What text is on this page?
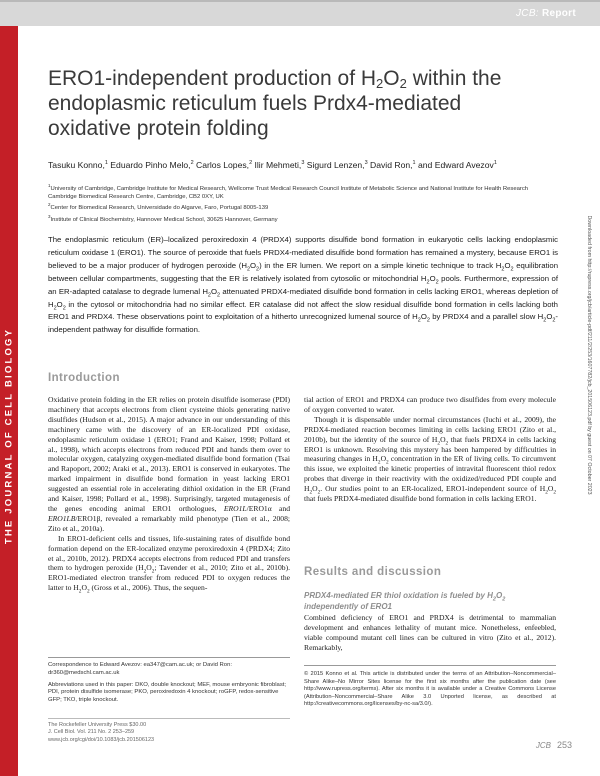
JCB: Report
THE JOURNAL OF CELL BIOLOGY
ERO1-independent production of $H_2O_2$ within the endoplasmic reticulum fuels Prdx4-mediated oxidative protein folding
Tasuku Konno,$^1$ Eduardo Pinho Melo,$^2$ Carlos Lopes,$^2$ Ilir Mehmeti,$^3$ Sigurd Lenzen,$^3$ David Ron,$^1$ and Edward Avezov$^1$
$^1$University of Cambridge, Cambridge Institute for Medical Research, Wellcome Trust Medical Research Council Institute of Metabolic Science and National Institute for Health Research Cambridge Biomedical Research Centre, Cambridge, CB2 0XY, UK
$^2$Center for Biomedical Research, Universidade do Algarve, Faro, Portugal 8005-139
$^3$Institute of Clinical Biochemistry, Hannover Medical School, 30625 Hannover, Germany

The endoplasmic reticulum (ER)–localized peroxiredoxin 4 (PRDX4) supports disulfide bond formation in eukaryotic cells lacking endoplasmic reticulum oxidase 1 (ERO1). The source of peroxide that fuels PRDX4-mediated disulfide bond formation has remained a mystery, because ERO1 is believed to be a major producer of hydrogen peroxide $(H_2O_2)$ in the ER lumen. We report on a simple kinetic technique to track $H_2O_2$ equilibration between cellular compartments, suggesting that the ER is relatively isolated from cytosolic or mitochondrial $H_2O_2$ pools. Furthermore, expression of an ER-adapted catalase to degrade lumenal $H_2O_2$ attenuated PRDX4-mediated disulfide bond formation in cells lacking ERO1, whereas depletion of $H_2O_2$ in the cytosol or mitochondria had no similar effect. ER catalase did not affect the slow residual disulfide bond formation in cells lacking both ERO1 and PRDX4. These observations point to exploitation of a hitherto unrecognized lumenal source of $H_2O_2$ by PRDX4 and a parallel slow $H_2O_2$-independent pathway for disulfide formation.	Downloaded from http://rupress.org/jcb/article-pdf/211/2/253/1607782/jcb_201506123.pdf by guest on 07 October 2023
Introduction

Oxidative protein folding in the ER relies on protein disulfide isomerase (PDI) machinery that accepts electrons from client cysteine thiols generating native disulfides (Hudson et al., 2015). A major advance in our understanding of this machinery came with the discovery of an ER-localized PDI oxidase, endoplasmic reticulum oxidase 1 (ERO1; Frand and Kaiser, 1998; Pollard et al., 1998), which accepts electrons from reduced PDI and hands them over to molecular oxygen, catalyzing oxygen-mediated disulfide bond formation (Tsai and Rapoport, 2002; Araki et al., 2013). ERO1 is conserved in eukaryotes. The marked impairment in disulfide bond formation in yeast lacking ERO1 suggested an essential role in accelerating dithiol oxidation in the ER (Frand and Kaiser, 1998; Pollard et al., 1998). Surprisingly, targeted mutagenesis of the genes encoding animal ERO1 orthologues, ERO1L/ERO1α and ERO1LB/ERO1β, revealed a remarkably mild phenotype (Tien et al., 2008; Zito et al., 2010a).

In ERO1-deficient cells and tissues, life-sustaining rates of disulfide bond formation depend on the ER-localized enzyme peroxiredoxin 4 (PRDX4; Zito et al., 2010b, 2012). PRDX4 accepts electrons from reduced PDI and transfers them to hydrogen peroxide ($H_2O_2$; Tavender et al., 2010; Zito et al., 2010b). ERO1-mediated electron transfer from reduced PDI to oxygen reduces the latter to $H_2O_2$ (Gross et al., 2006). Thus, the sequen-

tial action of ERO1 and PRDX4 can produce two disulfides from every molecule of oxygen converted to water.

Though it is dispensable under normal circumstances (Iuchi et al., 2009), the PRDX4-mediated reaction becomes limiting in cells lacking ERO1 (Zito et al., 2010b), but the identity of the source of $H_2O_2$ that fuels PRDX4 in cells lacking ERO1 is unknown. Resolving this mystery has been hampered by difficulties in measuring changes in $H_2O_2$ concentration in the ER of living cells. To circumvent this issue, we exploited the kinetic properties of intravital fluorescent thiol redox probes that diverge in their reactivity with the oxidized/reduced PDI couple and $H_2O_2$. Our studies point to an ER-localized, ERO1-independent source of $H_2O_2$ that fuels PRDX4-mediated disulfide bond formation in cells lacking ERO1.

Results and discussion
PRDX4-mediated ER thiol oxidation is fueled by $H_2O_2$ independently of ERO1

Combined deficiency of ERO1 and PRDX4 is detrimental to mammalian development and enhances lethality of mutant mice. Nonetheless, enfeebled, viable compound mutant cell lines can be cultured in vitro (Zito et al., 2012). Remarkably,

Correspondence to Edward Avezov: ea347@cam.ac.uk; or David Ron: dr360@medschl.cam.ac.uk

Abbreviations used in this paper: DKO, double knockout; MEF, mouse embryonic fibroblast; PDI, protein disulfide isomerase; PKO, peroxiredoxin 4 knockout; roGFP, redox-sensitive GFP; TKO, triple knockout.

© 2015 Konno et al. This article is distributed under the terms of an Attribution–Noncommercial–Share Alike–No Mirror Sites license for the first six months after the publication date (see http://www.rupress.org/terms). After six months it is available under a Creative Commons License (Attribution–Noncommercial–Share Alike 3.0 Unported license, as described at http://creativecommons.org/licenses/by-nc-sa/3.0/).

The Rockefeller University Press $30.00
J. Cell Biol. Vol. 211 No. 2 253–259
www.jcb.org/cgi/doi/10.1083/jcb.201506123
JCB 253
